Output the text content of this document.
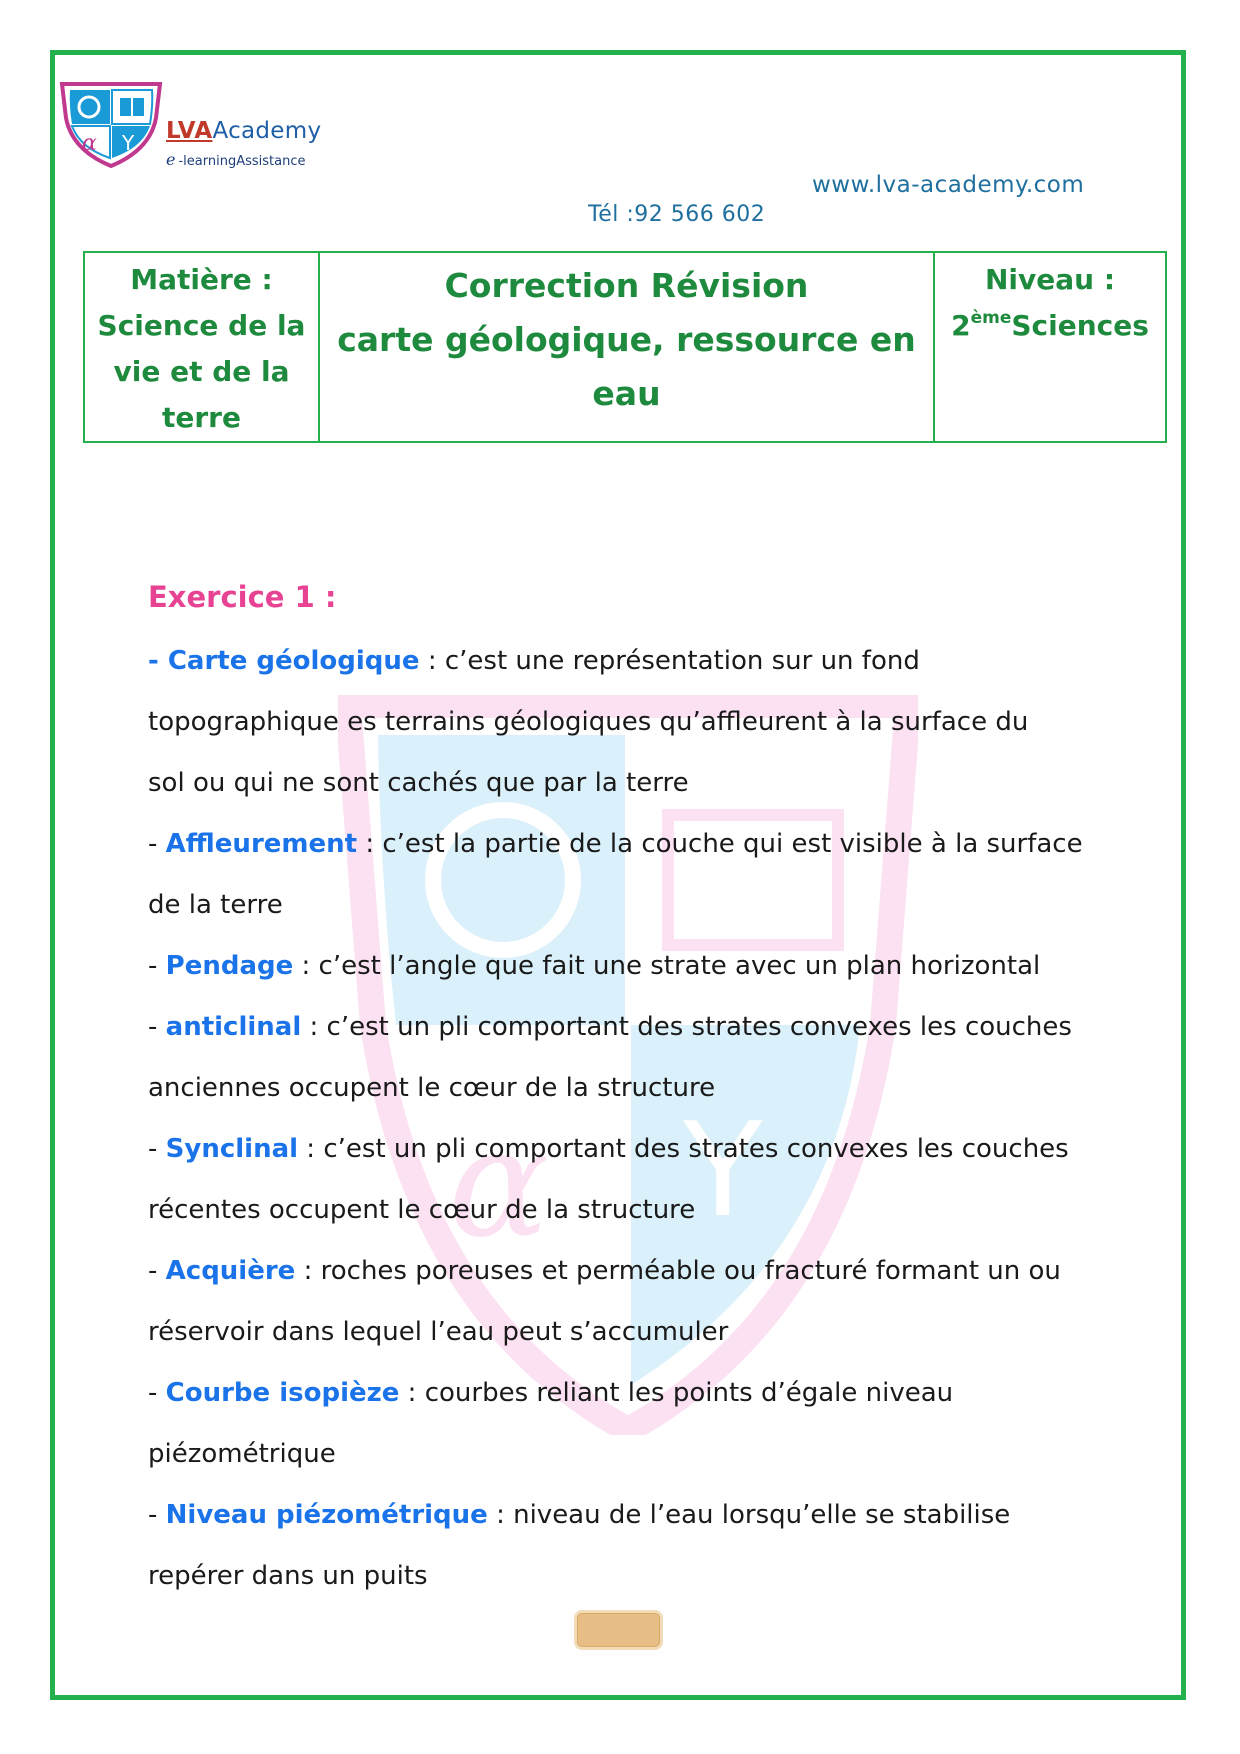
α Y LVAAcademy
e -learningAssistance
www.lva-academy.com
Tél :92 566 602
Matière :
Science de la
vie et de la
terre

Correction Révision
carte géologique, ressource en
eau

Niveau :
2èmeSciences
α Y
Exercice 1 :
- Carte géologique : c’est une représentation sur un fond
topographique es terrains géologiques qu’affleurent à la surface du
sol ou qui ne sont cachés que par la terre
- Affleurement : c’est la partie de la couche qui est visible à la surface
de la terre
- Pendage : c’est l’angle que fait une strate avec un plan horizontal
- anticlinal : c’est un pli comportant des strates convexes les couches
anciennes occupent le cœur de la structure
- Synclinal : c’est un pli comportant des strates convexes les couches
récentes occupent le cœur de la structure
- Acquière : roches poreuses et perméable ou fracturé formant un ou
réservoir dans lequel l’eau peut s’accumuler
- Courbe isopièze : courbes reliant les points d’égale niveau
piézométrique
- Niveau piézométrique : niveau de l’eau lorsqu’elle se stabilise
repérer dans un puits
